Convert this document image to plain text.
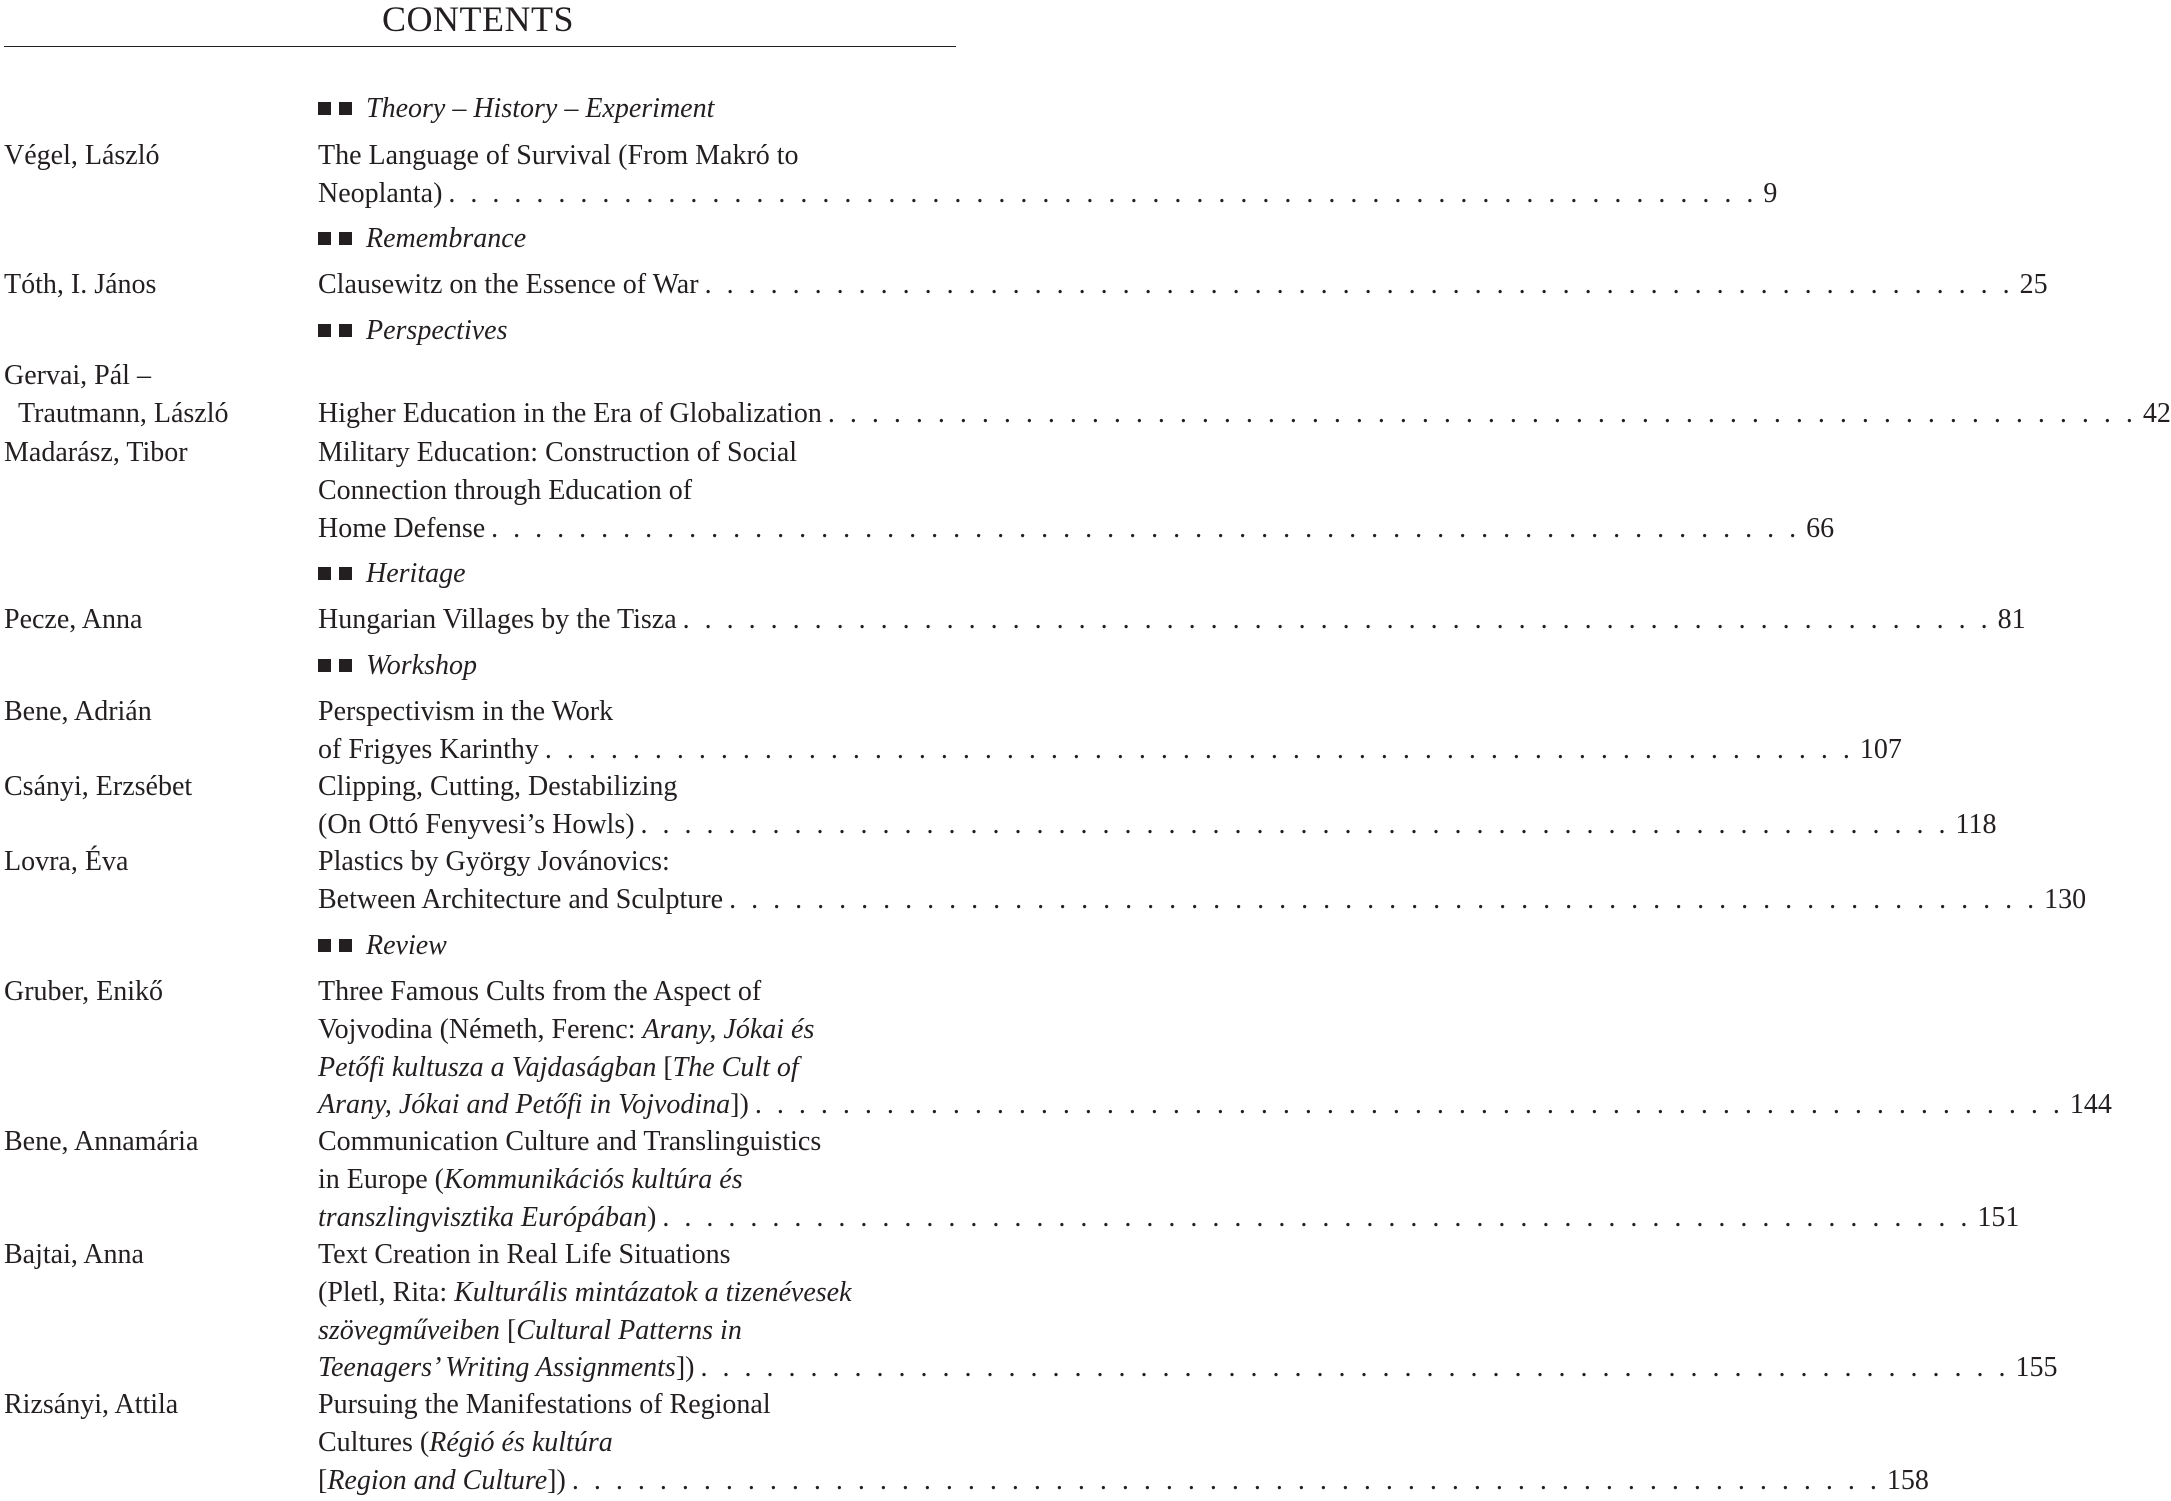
CONTENTS
Theory – History – Experiment
Végel, László	The Language of Survival (From Makró to
Neoplanta) . . . . . . . . . . . . . . . . . . . . . . . . . . . . . . . . . . . . . . . . . . . . . . . . . . . . . . . . . . . . 9
Remembrance
Tóth, I. János	Clausewitz on the Essence of War . . . . . . . . . . . . . . . . . . . . . . . . . . . . . . . . . . . . . . . . . . . . . . . . . . . . . . . . . . . . 25
Perspectives
Gervai, Pál –
Trautmann, László	Higher Education in the Era of Globalization . . . . . . . . . . . . . . . . . . . . . . . . . . . . . . . . . . . . . . . . . . . . . . . . . . . . . . . . . . . . 42
Madarász, Tibor	Military Education: Construction of Social
Connection through Education of
Home Defense . . . . . . . . . . . . . . . . . . . . . . . . . . . . . . . . . . . . . . . . . . . . . . . . . . . . . . . . . . . . 66
Heritage
Pecze, Anna	Hungarian Villages by the Tisza . . . . . . . . . . . . . . . . . . . . . . . . . . . . . . . . . . . . . . . . . . . . . . . . . . . . . . . . . . . . 81
Workshop
Bene, Adrián	Perspectivism in the Work
of Frigyes Karinthy . . . . . . . . . . . . . . . . . . . . . . . . . . . . . . . . . . . . . . . . . . . . . . . . . . . . . . . . . . . . 107
Csányi, Erzsébet	Clipping, Cutting, Destabilizing
(On Ottó Fenyvesi’s Howls) . . . . . . . . . . . . . . . . . . . . . . . . . . . . . . . . . . . . . . . . . . . . . . . . . . . . . . . . . . . . 118
Lovra, Éva	Plastics by György Jovánovics:
Between Architecture and Sculpture . . . . . . . . . . . . . . . . . . . . . . . . . . . . . . . . . . . . . . . . . . . . . . . . . . . . . . . . . . . . 130
Review
Gruber, Enikő	Three Famous Cults from the Aspect of
Vojvodina (Németh, Ferenc: Arany, Jókai és
Petőfi kultusza a Vajdaságban [The Cult of
Arany, Jókai and Petőfi in Vojvodina]) . . . . . . . . . . . . . . . . . . . . . . . . . . . . . . . . . . . . . . . . . . . . . . . . . . . . . . . . . . . . 144
Bene, Annamária	Communication Culture and Translinguistics
in Europe (Kommunikációs kultúra és
transzlingvisztika Európában) . . . . . . . . . . . . . . . . . . . . . . . . . . . . . . . . . . . . . . . . . . . . . . . . . . . . . . . . . . . . 151
Bajtai, Anna	Text Creation in Real Life Situations
(Pletl, Rita: Kulturális mintázatok a tizenévesek
szövegműveiben [Cultural Patterns in
Teenagers’ Writing Assignments]) . . . . . . . . . . . . . . . . . . . . . . . . . . . . . . . . . . . . . . . . . . . . . . . . . . . . . . . . . . . . 155
Rizsányi, Attila	Pursuing the Manifestations of Regional
Cultures (Régió és kultúra
[Region and Culture]) . . . . . . . . . . . . . . . . . . . . . . . . . . . . . . . . . . . . . . . . . . . . . . . . . . . . . . . . . . . . 158
